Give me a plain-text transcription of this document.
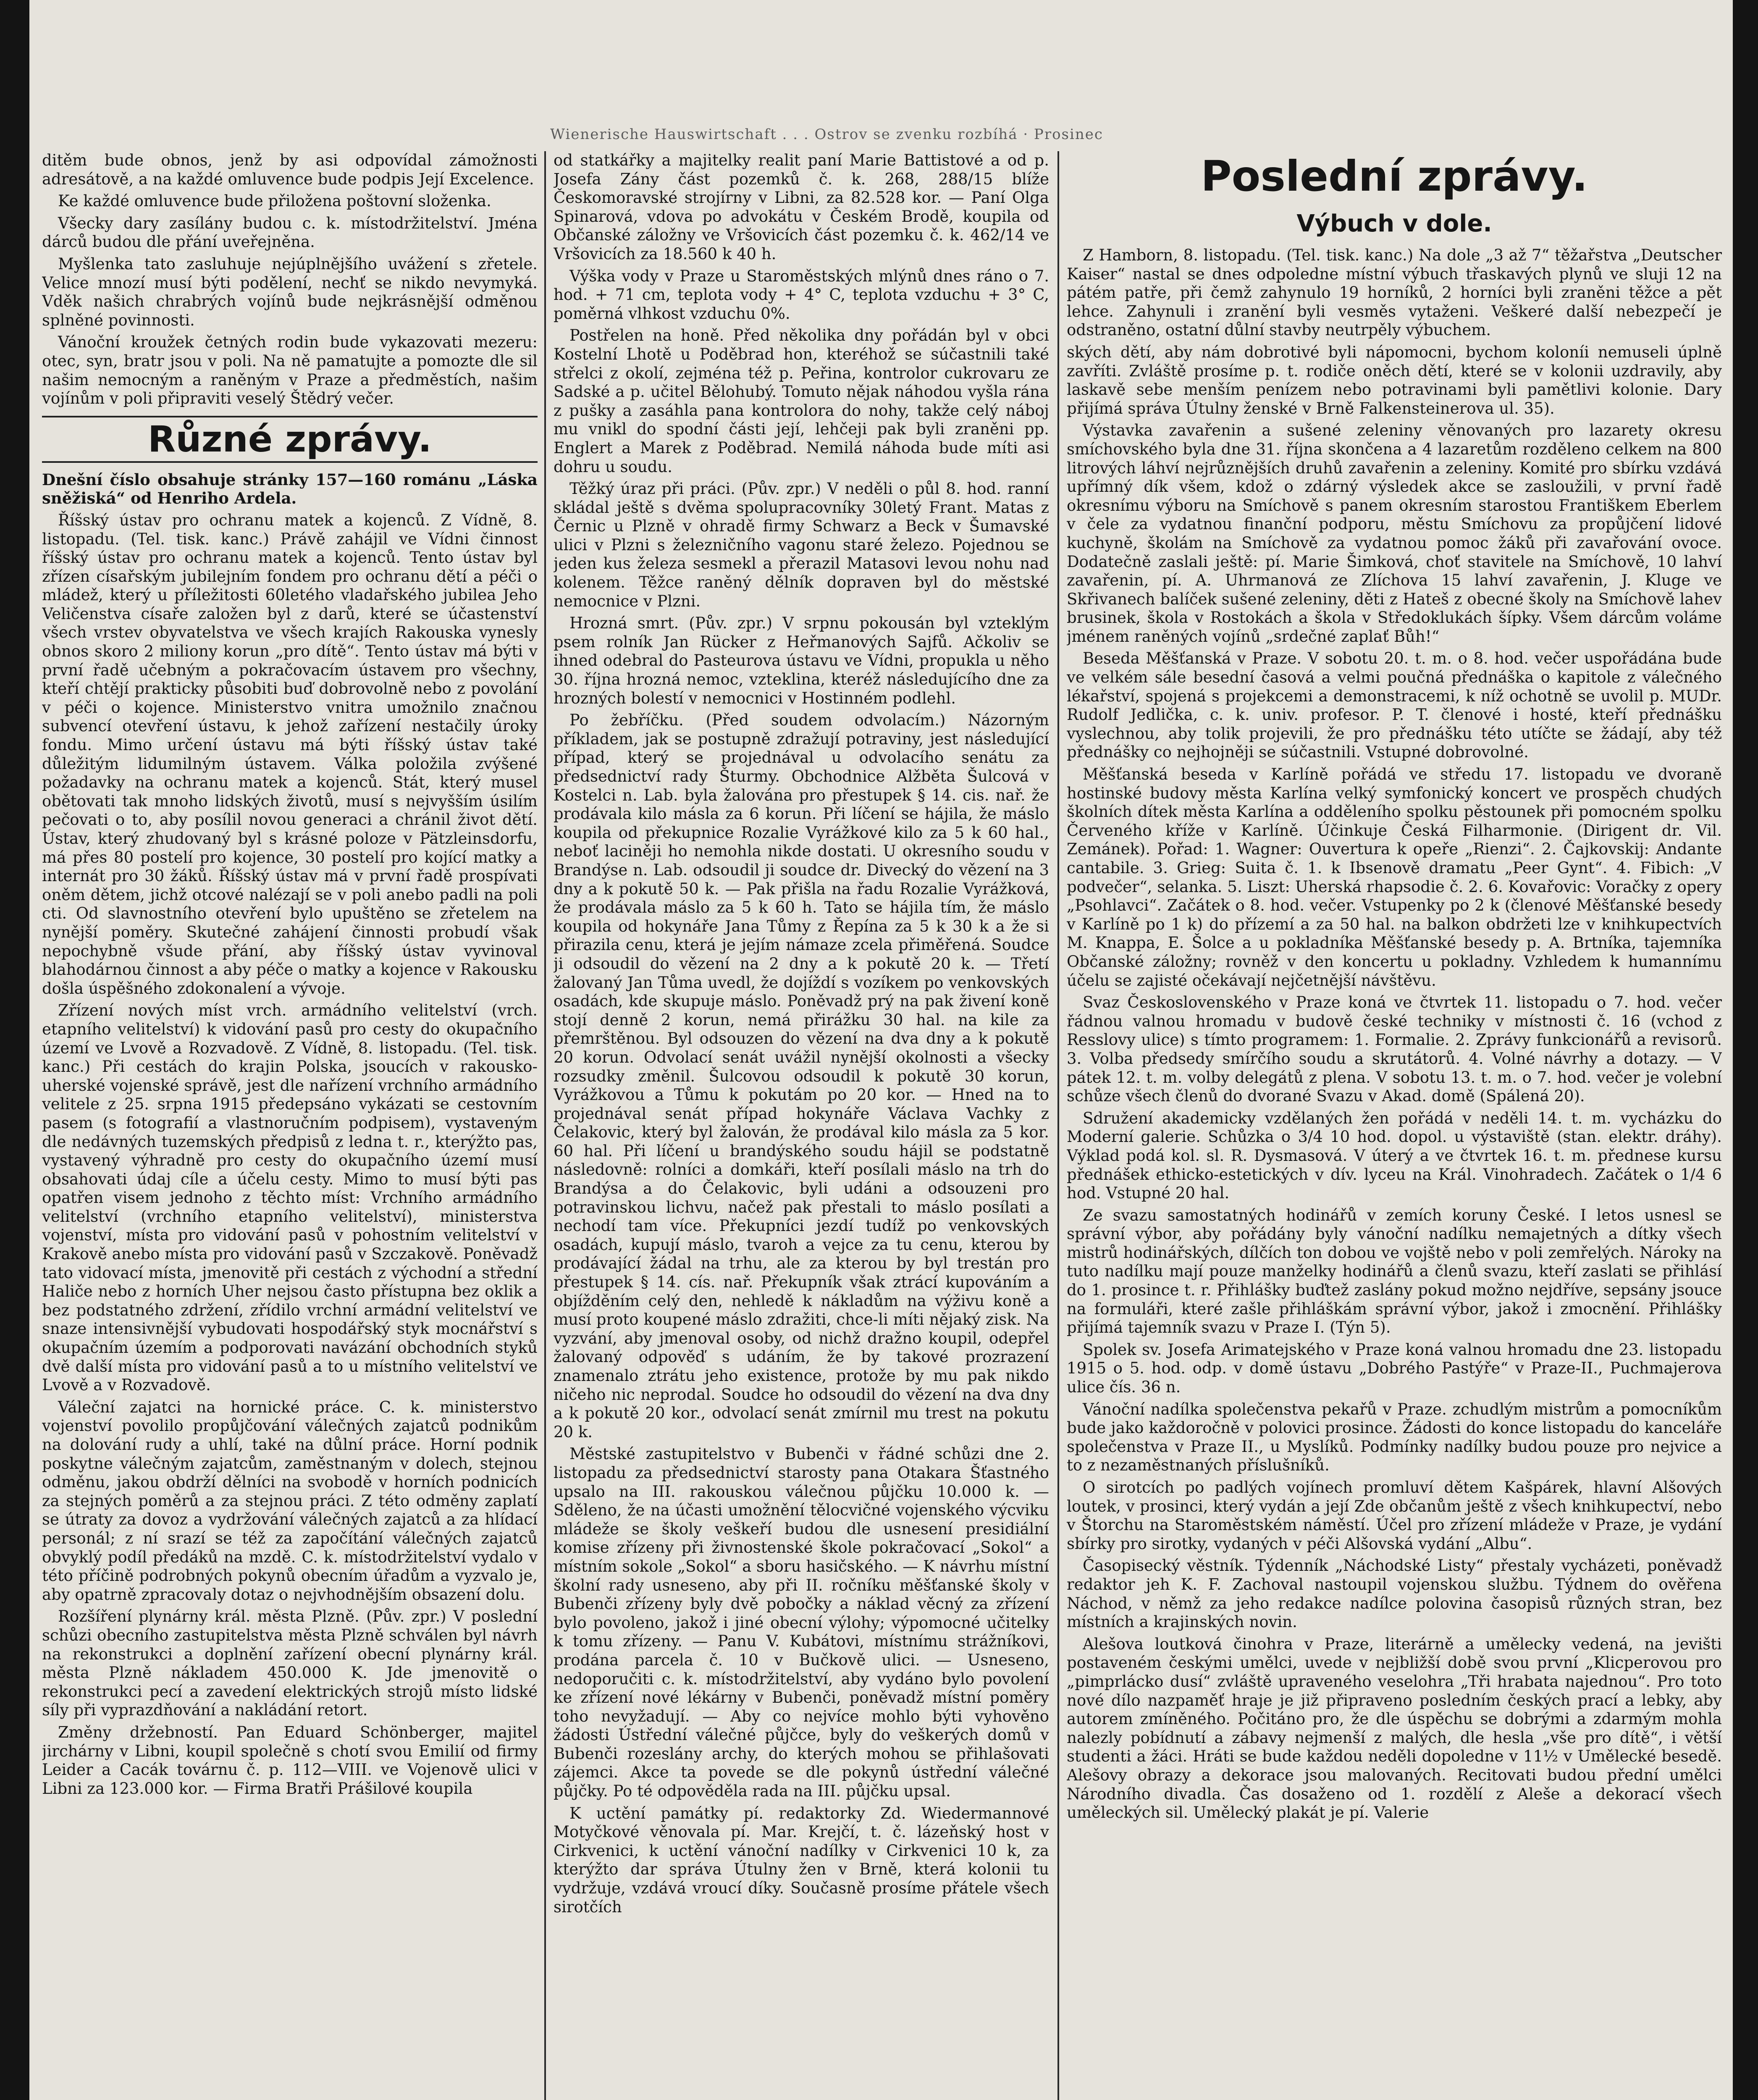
Wienerische Hauswirtschaft . . . Ostrov se zvenku rozbíhá · Prosinec

ditěm bude obnos, jenž by asi odpovídal zámožnosti adresátově, a na každé omluvence bude podpis Její Excelence.

Ke každé omluvence bude přiložena poštovní složenka.

Všecky dary zasílány budou c. k. místodržitelství. Jména dárců budou dle přání uveřejněna.

Myšlenka tato zasluhuje nejúplnějšího uvážení s zřetele. Velice mnozí musí býti podělení, nechť se nikdo nevymyká. Vděk našich chrabrých vojínů bude nejkrásnější odměnou splněné povinnosti.

Vánoční kroužek četných rodin bude vykazovati mezeru: otec, syn, bratr jsou v poli. Na ně pamatujte a pomozte dle sil našim nemocným a raněným v Praze a předměstích, našim vojínům v poli připraviti veselý Štědrý večer.

Různé zprávy.

Dnešní číslo obsahuje stránky 157—160 románu „Láska sněžiská“ od Henriho Ardela.

Říšský ústav pro ochranu matek a kojenců. Z Vídně, 8. listopadu. (Tel. tisk. kanc.) Právě zahájil ve Vídni činnost říšský ústav pro ochranu matek a kojenců. Tento ústav byl zřízen císařským jubilejním fondem pro ochranu dětí a péči o mládež, který u příležitosti 60letého vladařského jubilea Jeho Veličenstva císaře založen byl z darů, které se účastenství všech vrstev obyvatelstva ve všech krajích Rakouska vynesly obnos skoro 2 miliony korun „pro dítě“. Tento ústav má býti v první řadě učebným a pokračovacím ústavem pro všechny, kteří chtějí prakticky působiti buď dobrovolně nebo z povolání v péči o kojence. Ministerstvo vnitra umožnilo značnou subvencí otevření ústavu, k jehož zařízení nestačily úroky fondu. Mimo určení ústavu má býti říšský ústav také důležitým lidumilným ústavem. Válka položila zvýšené požadavky na ochranu matek a kojenců. Stát, který musel obětovati tak mnoho lidských životů, musí s nejvyšším úsilím pečovati o to, aby posílil novou generaci a chránil život dětí. Ústav, který zhudovaný byl s krásné poloze v Pätzleinsdorfu, má přes 80 postelí pro kojence, 30 postelí pro kojící matky a internát pro 30 žáků. Říšský ústav má v první řadě prospívati oněm dětem, jichž otcové nalézají se v poli anebo padli na poli cti. Od slavnostního otevření bylo upuštěno se zřetelem na nynější poměry. Skutečné zahájení činnosti probudí však nepochybně všude přání, aby říšský ústav vyvinoval blahodárnou činnost a aby péče o matky a kojence v Rakousku došla úspěšného zdokonalení a vývoje.

Zřízení nových míst vrch. armádního velitelství (vrch. etapního velitelství) k vidování pasů pro cesty do okupačního území ve Lvově a Rozvadově. Z Vídně, 8. listopadu. (Tel. tisk. kanc.) Při cestách do krajin Polska, jsoucích v rakousko-uherské vojenské správě, jest dle nařízení vrchního armádního velitele z 25. srpna 1915 předepsáno vykázati se cestovním pasem (s fotografií a vlastnoručním podpisem), vystaveným dle nedávných tuzemských předpisů z ledna t. r., kterýžto pas, vystavený výhradně pro cesty do okupačního území musí obsahovati údaj cíle a účelu cesty. Mimo to musí býti pas opatřen visem jednoho z těchto míst: Vrchního armádního velitelství (vrchního etapního velitelství), ministerstva vojenství, místa pro vidování pasů v pohostním velitelství v Krakově anebo místa pro vidování pasů v Szczakově. Poněvadž tato vidovací místa, jmenovitě při cestách z východní a střední Haliče nebo z horních Uher nejsou často přístupna bez oklik a bez podstatného zdržení, zřídilo vrchní armádní velitelství ve snaze intensivnější vybudovati hospodářský styk mocnářství s okupačním územím a podporovati navázání obchodních styků dvě další místa pro vidování pasů a to u místního velitelství ve Lvově a v Rozvadově.

Váleční zajatci na hornické práce. C. k. ministerstvo vojenství povolilo propůjčování válečných zajatců podnikům na dolování rudy a uhlí, také na důlní práce. Horní podnik poskytne válečným zajatcům, zaměstnaným v dolech, stejnou odměnu, jakou obdrží dělníci na svobodě v horních podnicích za stejných poměrů a za stejnou práci. Z této odměny zaplatí se útraty za dovoz a vydržování válečných zajatců a za hlídací personál; z ní srazí se též za započítání válečných zajatců obvyklý podíl předáků na mzdě. C. k. místodržitelství vydalo v této příčině podrobných pokynů obecním úřadům a vyzvalo je, aby opatrně zpracovaly dotaz o nejvhodnějším obsazení dolu.

Rozšíření plynárny král. města Plzně. (Pův. zpr.) V poslední schůzi obecního zastupitelstva města Plzně schválen byl návrh na rekonstrukci a doplnění zařízení obecní plynárny král. města Plzně nákladem 450.000 K. Jde jmenovitě o rekonstrukci pecí a zavedení elektrických strojů místo lidské síly při vyprazdňování a nakládání retort.

Změny držebností. Pan Eduard Schönberger, majitel jirchárny v Libni, koupil společně s chotí svou Emilií od firmy Leider a Cacák továrnu č. p. 112—VIII. ve Vojenově ulici v Libni za 123.000 kor. — Firma Bratři Prášilové koupila

od statkářky a majitelky realit paní Marie Battistové a od p. Josefa Zány část pozemků č. k. 268, 288/15 blíže Českomoravské strojírny v Libni, za 82.528 kor. — Paní Olga Spinarová, vdova po advokátu v Českém Brodě, koupila od Občanské záložny ve Vršovicích část pozemku č. k. 462/14 ve Vršovicích za 18.560 k 40 h.

Výška vody v Praze u Staroměstských mlýnů dnes ráno o 7. hod. + 71 cm, teplota vody + 4° C, teplota vzduchu + 3° C, poměrná vlhkost vzduchu 0%.

Postřelen na honě. Před několika dny pořádán byl v obci Kostelní Lhotě u Poděbrad hon, kteréhož se súčastnili také střelci z okolí, zejména též p. Peřina, kontrolor cukrovaru ze Sadské a p. učitel Bělohubý. Tomuto nějak náhodou vyšla rána z pušky a zasáhla pana kontrolora do nohy, takže celý náboj mu vnikl do spodní části její, lehčeji pak byli zraněni pp. Englert a Marek z Poděbrad. Nemilá náhoda bude míti asi dohru u soudu.

Těžký úraz při práci. (Pův. zpr.) V neděli o půl 8. hod. ranní skládal ještě s dvěma spolupracovníky 30letý Frant. Matas z Černic u Plzně v ohradě firmy Schwarz a Beck v Šumavské ulici v Plzni s železničního vagonu staré železo. Pojednou se jeden kus železa sesmekl a přerazil Matasovi levou nohu nad kolenem. Těžce raněný dělník dopraven byl do městské nemocnice v Plzni.

Hrozná smrt. (Pův. zpr.) V srpnu pokousán byl vzteklým psem rolník Jan Rücker z Heřmanových Sajfů. Ačkoliv se ihned odebral do Pasteurova ústavu ve Vídni, propukla u něho 30. října hrozná nemoc, vzteklina, kteréž následujícího dne za hrozných bolestí v nemocnici v Hostinném podlehl.

Po žebříčku. (Před soudem odvolacím.) Názorným příkladem, jak se postupně zdražují potraviny, jest následující případ, který se projednával u odvolacího senátu za předsednictví rady Šturmy. Obchodnice Alžběta Šulcová v Kostelci n. Lab. byla žalována pro přestupek § 14. cis. nař. že prodávala kilo másla za 6 korun. Při líčení se hájila, že máslo koupila od překupnice Rozalie Vyrážkové kilo za 5 k 60 hal., neboť laciněji ho nemohla nikde dostati. U okresního soudu v Brandýse n. Lab. odsoudil ji soudce dr. Divecký do vězení na 3 dny a k pokutě 50 k. — Pak přišla na řadu Rozalie Vyrážková, že prodávala máslo za 5 k 60 h. Tato se hájila tím, že máslo koupila od hokynáře Jana Tůmy z Řepína za 5 k 30 k a že si přirazila cenu, která je jejím námaze zcela přiměřená. Soudce ji odsoudil do vězení na 2 dny a k pokutě 20 k. — Třetí žalovaný Jan Tůma uvedl, že dojíždí s vozíkem po venkovských osadách, kde skupuje máslo. Poněvadž prý na pak živení koně stojí denně 2 korun, nemá přirážku 30 hal. na kile za přemrštěnou. Byl odsouzen do vězení na dva dny a k pokutě 20 korun. Odvolací senát uvážil nynější okolnosti a všecky rozsudky změnil. Šulcovou odsoudil k pokutě 30 korun, Vyrážkovou a Tůmu k pokutám po 20 kor. — Hned na to projednával senát případ hokynáře Václava Vachky z Čelakovic, který byl žalován, že prodával kilo másla za 5 kor. 60 hal. Při líčení u brandýského soudu hájil se podstatně následovně: rolníci a domkáři, kteří posílali máslo na trh do Brandýsa a do Čelakovic, byli udáni a odsouzeni pro potravinskou lichvu, načež pak přestali to máslo posílati a nechodí tam více. Překupníci jezdí tudíž po venkovských osadách, kupují máslo, tvaroh a vejce za tu cenu, kterou by prodávající žádal na trhu, ale za kterou by byl trestán pro přestupek § 14. cís. nař. Překupník však ztrácí kupováním a objížděním celý den, nehledě k nákladům na výživu koně a musí proto koupené máslo zdražiti, chce-li míti nějaký zisk. Na vyzvání, aby jmenoval osoby, od nichž dražno koupil, odepřel žalovaný odpověď s udáním, že by takové prozrazení znamenalo ztrátu jeho existence, protože by mu pak nikdo ničeho nic neprodal. Soudce ho odsoudil do vězení na dva dny a k pokutě 20 kor., odvolací senát zmírnil mu trest na pokutu 20 k.

Městské zastupitelstvo v Bubenči v řádné schůzi dne 2. listopadu za předsednictví starosty pana Otakara Šťastného upsalo na III. rakouskou válečnou půjčku 10.000 k. — Sděleno, že na účasti umožnění tělocvičné vojenského výcviku mládeže se školy veškeří budou dle usnesení presidiální komise zřízeny při živnostenské škole pokračovací „Sokol“ a místním sokole „Sokol“ a sboru hasičského. — K návrhu místní školní rady usneseno, aby při II. ročníku měšťanské školy v Bubenči zřízeny byly dvě pobočky a náklad věcný za zřízení bylo povoleno, jakož i jiné obecní výlohy; výpomocné učitelky k tomu zřízeny. — Panu V. Kubátovi, místnímu strážníkovi, prodána parcela č. 10 v Bučkově ulici. — Usneseno, nedoporučiti c. k. místodržitelství, aby vydáno bylo povolení ke zřízení nové lékárny v Bubenči, poněvadž místní poměry toho nevyžadují. — Aby co nejvíce mohlo býti vyhověno žádosti Ústřední válečné půjčce, byly do veškerých domů v Bubenči rozeslány archy, do kterých mohou se přihlašovati zájemci. Akce ta povede se dle pokynů ústřední válečné půjčky. Po té odpověděla rada na III. půjčku upsal.

K uctění památky pí. redaktorky Zd. Wiedermannové Motyčkové věnovala pí. Mar. Krejčí, t. č. lázeňský host v Cirkvenici, k uctění vánoční nadílky v Cirkvenici 10 k, za kterýžto dar správa Útulny žen v Brně, která kolonii tu vydržuje, vzdává vroucí díky. Současně prosíme přátele všech sirotčích

Poslední zprávy.
Výbuch v dole.

Z Hamborn, 8. listopadu. (Tel. tisk. kanc.) Na dole „3 až 7“ těžařstva „Deutscher Kaiser“ nastal se dnes odpoledne místní výbuch třaskavých plynů ve sluji 12 na pátém patře, při čemž zahynulo 19 horníků, 2 horníci byli zraněni těžce a pět lehce. Zahynuli i zranění byli vesměs vytaženi. Veškeré další nebezpečí je odstraněno, ostatní důlní stavby neutrpěly výbuchem.

ských dětí, aby nám dobrotivé byli nápomocni, bychom koloníi nemuseli úplně zavříti. Zvláště prosíme p. t. rodiče oněch dětí, které se v kolonii uzdravily, aby laskavě sebe menším penízem nebo potravinami byli pamětlivi kolonie. Dary přijímá správa Útulny ženské v Brně Falkensteinerova ul. 35).

Výstavka zavařenin a sušené zeleniny věnovaných pro lazarety okresu smíchovského byla dne 31. října skončena a 4 lazaretům rozděleno celkem na 800 litrových láhví nejrůznějších druhů zavařenin a zeleniny. Komité pro sbírku vzdává upřímný dík všem, kdož o zdárný výsledek akce se zasloužili, v první řadě okresnímu výboru na Smíchově s panem okresním starostou Františkem Eberlem v čele za vydatnou finanční podporu, městu Smíchovu za propůjčení lidové kuchyně, školám na Smíchově za vydatnou pomoc žáků při zavařování ovoce. Dodatečně zaslali ještě: pí. Marie Šimková, choť stavitele na Smíchově, 10 lahví zavařenin, pí. A. Uhrmanová ze Zlíchova 15 lahví zavařenin, J. Kluge ve Skřivanech balíček sušené zeleniny, děti z Hateš z obecné školy na Smíchově lahev brusinek, škola v Rostokách a škola v Středoklukách šípky. Všem dárcům voláme jménem raněných vojínů „srdečné zaplať Bůh!“

Beseda Měšťanská v Praze. V sobotu 20. t. m. o 8. hod. večer uspořádána bude ve velkém sále besední časová a velmi poučná přednáška o kapitole z válečného lékařství, spojená s projekcemi a demonstracemi, k níž ochotně se uvolil p. MUDr. Rudolf Jedlička, c. k. univ. profesor. P. T. členové i hosté, kteří přednášku vyslechnou, aby tolik projevili, že pro přednášku této utíčte se žádají, aby též přednášky co nejhojněji se súčastnili. Vstupné dobrovolné.

Měšťanská beseda v Karlíně pořádá ve středu 17. listopadu ve dvoraně hostinské budovy města Karlína velký symfonický koncert ve prospěch chudých školních dítek města Karlína a odděleního spolku pěstounek při pomocném spolku Červeného kříže v Karlíně. Účinkuje Česká Filharmonie. (Dirigent dr. Vil. Zemánek). Pořad: 1. Wagner: Ouvertura k opeře „Rienzi“. 2. Čajkovskij: Andante cantabile. 3. Grieg: Suita č. 1. k Ibsenově dramatu „Peer Gynt“. 4. Fibich: „V podvečer“, selanka. 5. Liszt: Uherská rhapsodie č. 2. 6. Kovařovic: Voračky z opery „Psohlavci“. Začátek o 8. hod. večer. Vstupenky po 2 k (členové Měšťanské besedy v Karlíně po 1 k) do přízemí a za 50 hal. na balkon obdržeti lze v knihkupectvích M. Knappa, E. Šolce a u pokladníka Měšťanské besedy p. A. Brtníka, tajemníka Občanské záložny; rovněž v den koncertu u pokladny. Vzhledem k humannímu účelu se zajisté očekávají nejčetnější návštěvu.

Svaz Československého v Praze koná ve čtvrtek 11. listopadu o 7. hod. večer řádnou valnou hromadu v budově české techniky v místnosti č. 16 (vchod z Resslovy ulice) s tímto programem: 1. Formalie. 2. Zprávy funkcionářů a revisorů. 3. Volba předsedy smírčího soudu a skrutátorů. 4. Volné návrhy a dotazy. — V pátek 12. t. m. volby delegátů z plena. V sobotu 13. t. m. o 7. hod. večer je volební schůze všech členů do dvorané Svazu v Akad. domě (Spálená 20).

Sdružení akademicky vzdělaných žen pořádá v neděli 14. t. m. vycházku do Moderní galerie. Schůzka o 3/4 10 hod. dopol. u výstaviště (stan. elektr. dráhy). Výklad podá kol. sl. R. Dysmasová. V úterý a ve čtvrtek 16. t. m. přednese kursu přednášek ethicko-estetických v dív. lyceu na Král. Vinohradech. Začátek o 1/4 6 hod. Vstupné 20 hal.

Ze svazu samostatných hodinářů v zemích koruny České. I letos usnesl se správní výbor, aby pořádány byly vánoční nadílku nemajetných a dítky všech mistrů hodinářských, dílčích ton dobou ve vojště nebo v poli zemřelých. Nároky na tuto nadílku mají pouze manželky hodinářů a členů svazu, kteří zaslati se přihlásí do 1. prosince t. r. Přihlášky buďtež zaslány pokud možno nejdříve, sepsány jsouce na formuláři, které zašle přihláškám správní výbor, jakož i zmocnění. Přihlášky přijímá tajemník svazu v Praze I. (Týn 5).

Spolek sv. Josefa Arimatejského v Praze koná valnou hromadu dne 23. listopadu 1915 o 5. hod. odp. v domě ústavu „Dobrého Pastýře“ v Praze-II., Puchmajerova ulice čís. 36 n.

Vánoční nadílka společenstva pekařů v Praze. zchudlým mistrům a pomocníkům bude jako každoročně v polovici prosince. Žádosti do konce listopadu do kanceláře společenstva v Praze II., u Myslíků. Podmínky nadílky budou pouze pro nejvice a to z nezaměstnaných příslušníků.

O sirotcích po padlých vojínech promluví dětem Kašpárek, hlavní Alšových loutek, v prosinci, který vydán a její Zde občanům ještě z všech knihkupectví, nebo v Štorchu na Staroměstském náměstí. Účel pro zřízení mládeže v Praze, je vydání sbírky pro sirotky, vydaných v péči Alšovská vydání „Albu“.

Časopisecký věstník. Týdenník „Náchodské Listy“ přestaly vycházeti, poněvadž redaktor jeh K. F. Zachoval nastoupil vojenskou službu. Týdnem do ověřena Náchod, v němž za jeho redakce nadílce polovina časopisů různých stran, bez místních a krajinských novin.

Alešova loutková činohra v Praze, literárně a umělecky vedená, na jevišti postaveném českými umělci, uvede v nejbližší době svou první „Klicperovou pro „pimprlácko dusí“ zvláště upraveného veselohra „Tři hrabata najednou“. Pro toto nové dílo nazpaměť hraje je již připraveno posledním českých prací a lebky, aby autorem zmíněného. Počitáno pro, že dle úspěchu se dobrými a zdarmým mohla nalezly pobídnutí a zábavy nejmenší z malých, dle hesla „vše pro dítě“, i větší studenti a žáci. Hráti se bude každou neděli dopoledne v 11½ v Umělecké besedě. Alešovy obrazy a dekorace jsou malovaných. Recitovati budou přední umělci Národního divadla. Čas dosaženo od 1. rozdělí z Aleše a dekorací všech uměleckých sil. Umělecký plakát je pí. Valerie
